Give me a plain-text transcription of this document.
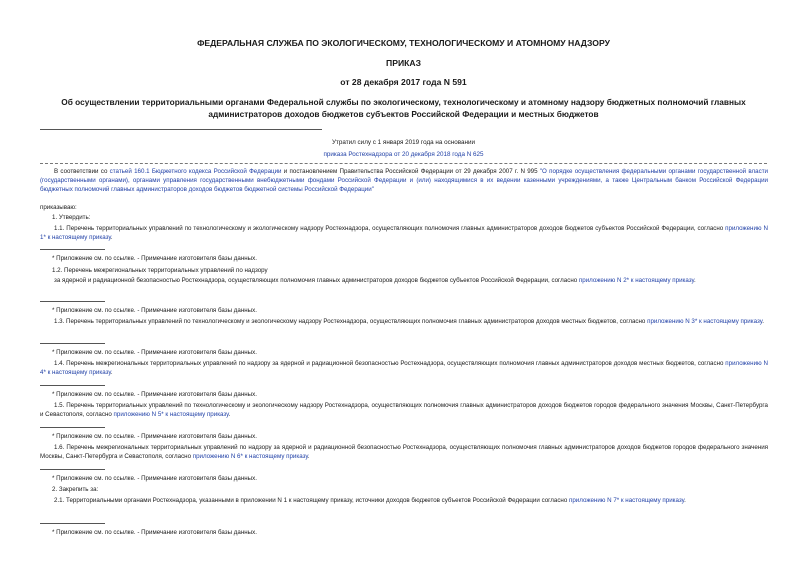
ФЕДЕРАЛЬНАЯ СЛУЖБА ПО ЭКОЛОГИЧЕСКОМУ, ТЕХНОЛОГИЧЕСКОМУ И АТОМНОМУ НАДЗОРУ
ПРИКАЗ
от 28 декабря 2017 года N 591
Об осуществлении территориальными органами Федеральной службы по экологическому, технологическому и атомному надзору бюджетных полномочий главных администраторов доходов бюджетов субъектов Российской Федерации и местных бюджетов
Утратил силу с 1 января 2019 года на основании
приказа Ростехнадзора от 20 декабря 2018 года N 625
В соответствии со статьей 160.1 Бюджетного кодекса Российской Федерации и постановлением Правительства Российской Федерации от 29 декабря 2007 г. N 995 "О порядке осуществления федеральными органами государственной власти (государственными органами), органами управления государственными внебюджетными фондами Российской Федерации и (или) находящимися в их ведении казенными учреждениями, а также Центральным банком Российской Федерации бюджетных полномочий главных администраторов доходов бюджетов бюджетной системы Российской Федерации"
приказываю:
1. Утвердить:
1.1. Перечень территориальных управлений по технологическому и экологическому надзору Ростехнадзора, осуществляющих полномочия главных администраторов доходов бюджетов субъектов Российской Федерации, согласно приложению N 1* к настоящему приказу.
* Приложение см. по ссылке. - Примечание изготовителя базы данных.
1.2. Перечень межрегиональных территориальных управлений по надзору
за ядерной и радиационной безопасностью Ростехнадзора, осуществляющих полномочия главных администраторов доходов бюджетов субъектов Российской Федерации, согласно приложению N 2* к настоящему приказу.
* Приложение см. по ссылке. - Примечание изготовителя базы данных.
1.3. Перечень территориальных управлений по технологическому и экологическому надзору Ростехнадзора, осуществляющих полномочия главных администраторов доходов местных бюджетов, согласно приложению N 3* к настоящему приказу.
* Приложение см. по ссылке. - Примечание изготовителя базы данных.
1.4. Перечень межрегиональных территориальных управлений по надзору за ядерной и радиационной безопасностью Ростехнадзора, осуществляющих полномочия главных администраторов доходов местных бюджетов, согласно приложению N 4* к настоящему приказу.
* Приложение см. по ссылке. - Примечание изготовителя базы данных.
1.5. Перечень территориальных управлений по технологическому и экологическому надзору Ростехнадзора, осуществляющих полномочия главных администраторов доходов бюджетов городов федерального значения Москвы, Санкт-Петербурга и Севастополя, согласно приложению N 5* к настоящему приказу.
* Приложение см. по ссылке. - Примечание изготовителя базы данных.
1.6. Перечень межрегиональных территориальных управлений по надзору за ядерной и радиационной безопасностью Ростехнадзора, осуществляющих полномочия главных администраторов доходов бюджетов городов федерального значения Москвы, Санкт-Петербурга и Севастополя, согласно приложению N 6* к настоящему приказу.
* Приложение см. по ссылке. - Примечание изготовителя базы данных.
2. Закрепить за:
2.1. Территориальными органами Ростехнадзора, указанными в приложении N 1 к настоящему приказу, источники доходов бюджетов субъектов Российской Федерации согласно приложению N 7* к настоящему приказу.
* Приложение см. по ссылке. - Примечание изготовителя базы данных.
